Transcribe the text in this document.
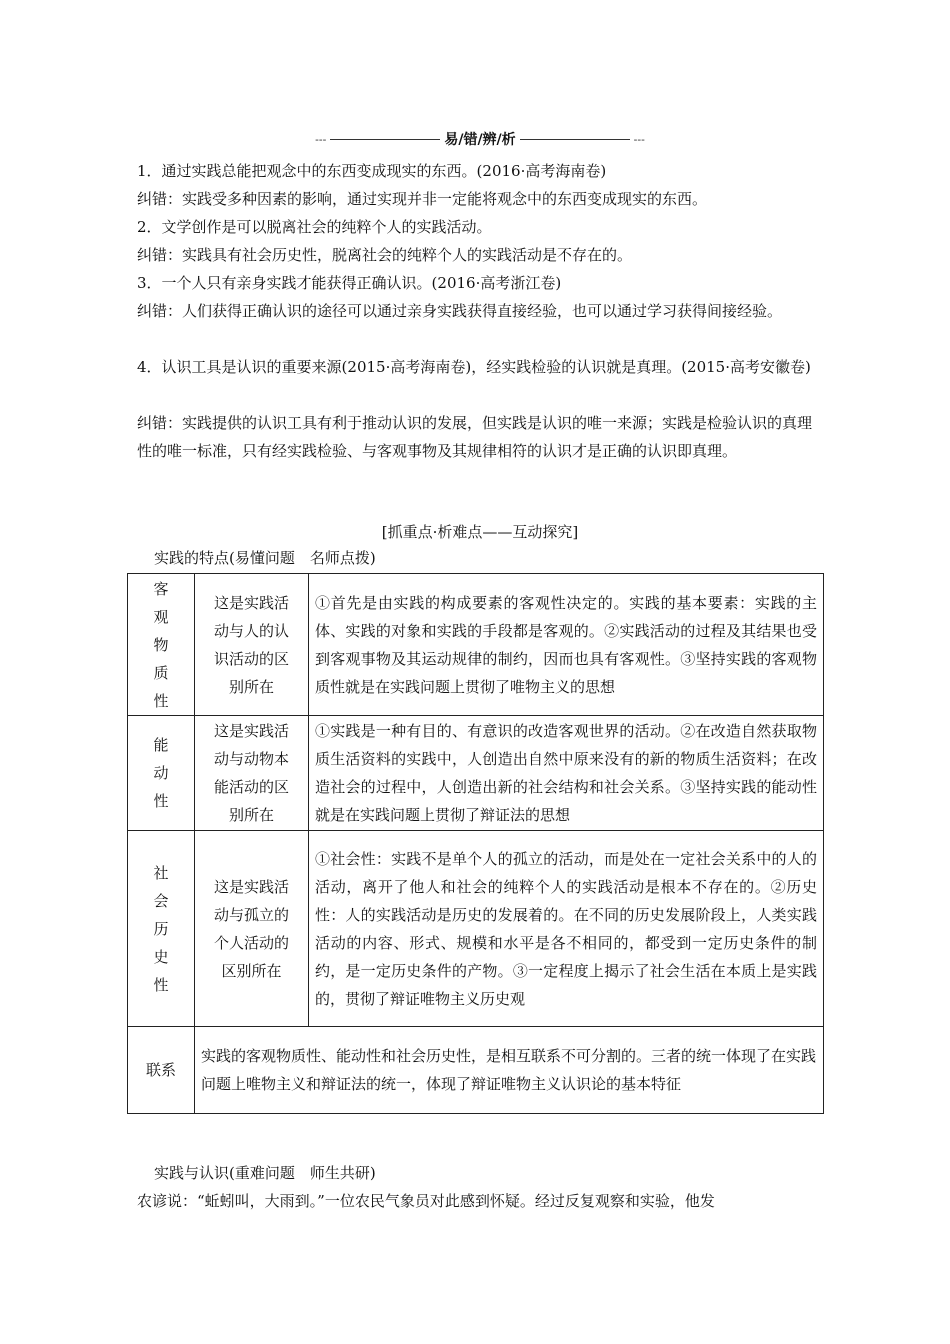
---	易/错/辨/析	---
1．通过实践总能把观念中的东西变成现实的东西。(2016·高考海南卷)
纠错：实践受多种因素的影响，通过实现并非一定能将观念中的东西变成现实的东西。
2．文学创作是可以脱离社会的纯粹个人的实践活动。
纠错：实践具有社会历史性，脱离社会的纯粹个人的实践活动是不存在的。
3．一个人只有亲身实践才能获得正确认识。(2016·高考浙江卷)
纠错：人们获得正确认识的途径可以通过亲身实践获得直接经验，也可以通过学习获得间接经验。
4．认识工具是认识的重要来源(2015·高考海南卷)，经实践检验的认识就是真理。(2015·高考安徽卷)
纠错：实践提供的认识工具有利于推动认识的发展，但实践是认识的唯一来源；实践是检验认识的真理性的唯一标准，只有经实践检验、与客观事物及其规律相符的认识才是正确的认识即真理。
[抓重点·析难点——互动探究]
实践的特点(易懂问题　名师点拨)
客观物质性	这是实践活动与人的认识活动的区别所在	①首先是由实践的构成要素的客观性决定的。实践的基本要素：实践的主体、实践的对象和实践的手段都是客观的。②实践活动的过程及其结果也受到客观事物及其运动规律的制约，因而也具有客观性。③坚持实践的客观物质性就是在实践问题上贯彻了唯物主义的思想

能动性	这是实践活动与动物本能活动的区别所在	①实践是一种有目的、有意识的改造客观世界的活动。②在改造自然获取物质生活资料的实践中，人创造出自然中原来没有的新的物质生活资料；在改造社会的过程中，人创造出新的社会结构和社会关系。③坚持实践的能动性就是在实践问题上贯彻了辩证法的思想

社会历史性	这是实践活动与孤立的个人活动的区别所在	①社会性：实践不是单个人的孤立的活动，而是处在一定社会关系中的人的活动，离开了他人和社会的纯粹个人的实践活动是根本不存在的。②历史性：人的实践活动是历史的发展着的。在不同的历史发展阶段上，人类实践活动的内容、形式、规模和水平是各不相同的，都受到一定历史条件的制约，是一定历史条件的产物。③一定程度上揭示了社会生活在本质上是实践的，贯彻了辩证唯物主义历史观
联系	实践的客观物质性、能动性和社会历史性，是相互联系不可分割的。三者的统一体现了在实践问题上唯物主义和辩证法的统一，体现了辩证唯物主义认识论的基本特征	
实践与认识(重难问题　师生共研)
农谚说：“蚯蚓叫，大雨到。”一位农民气象员对此感到怀疑。经过反复观察和实验，他发
